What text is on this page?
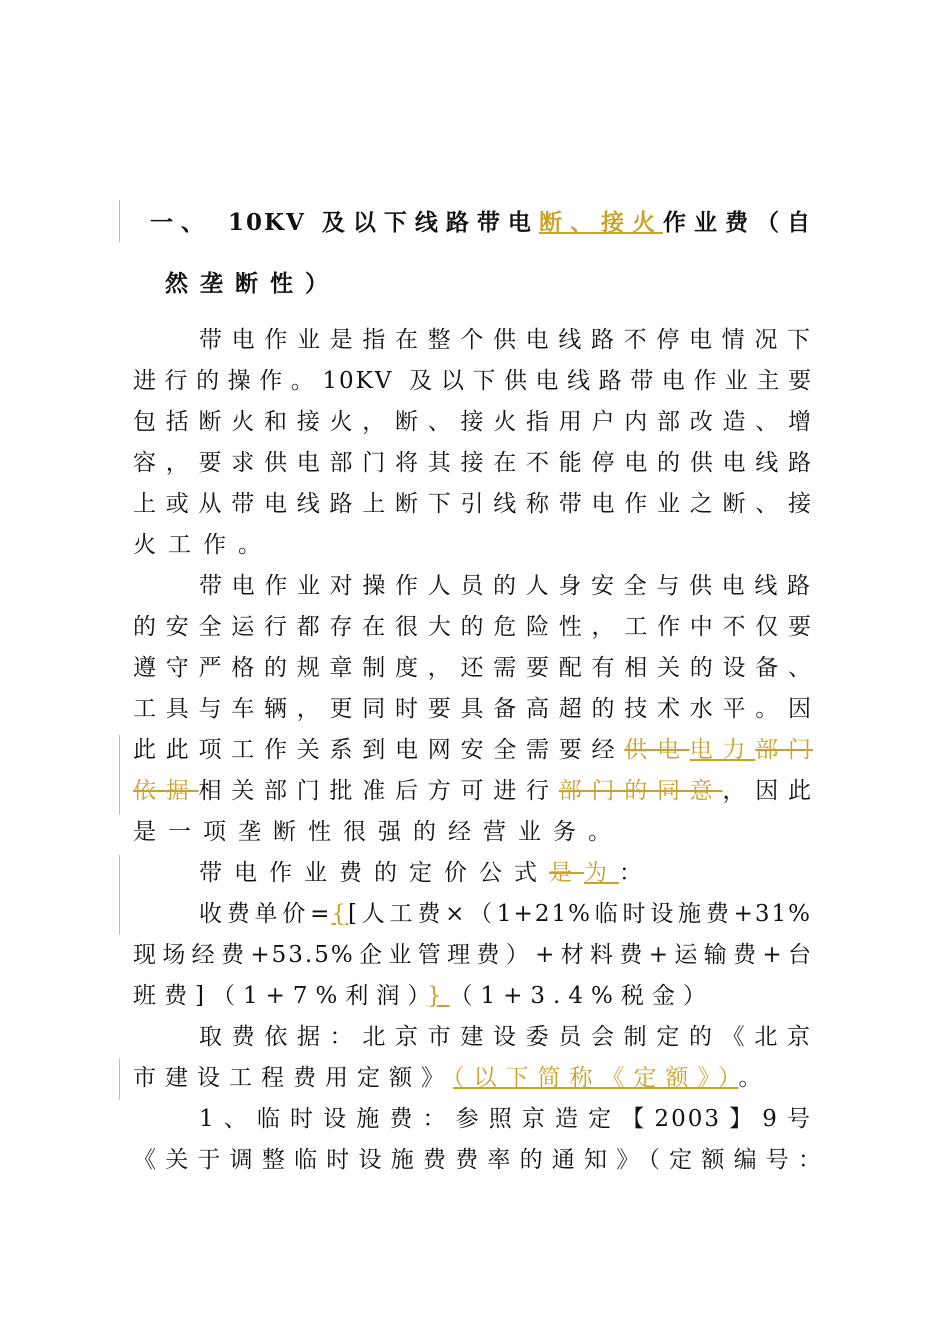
一、 10KV 及以下线路带电断、接火作业费（自
然垄断性）
带电作业是指在整个供电线路不停电情况下
进行的操作。10KV 及以下供电线路带电作业主要
包括断火和接火，断、接火指用户内部改造、增
容，要求供电部门将其接在不能停电的供电线路
上或从带电线路上断下引线称带电作业之断、接
火工作。
带电作业对操作人员的人身安全与供电线路
的安全运行都存在很大的危险性，工作中不仅要
遵守严格的规章制度，还需要配有相关的设备、
工具与车辆，更同时要具备高超的技术水平。因
此此项工作关系到电网安全需要经供电电力部门
依据相关部门批准后方可进行部门的同意，因此
是一项垄断性很强的经营业务。
带电作业费的定价公式是为：
收费单价={[人工费×（1+21%临时设施费+31%
现场经费+53.5%企业管理费）+材料费+运输费+台
班费]（1+7%利润）}（1+3.4%税金）
取费依据：北京市建设委员会制定的《北京
市建设工程费用定额》（以下简称《定额》）。
1、临时设施费：参照京造定【2003】9号
《关于调整临时设施费费率的通知》（定额编号：
